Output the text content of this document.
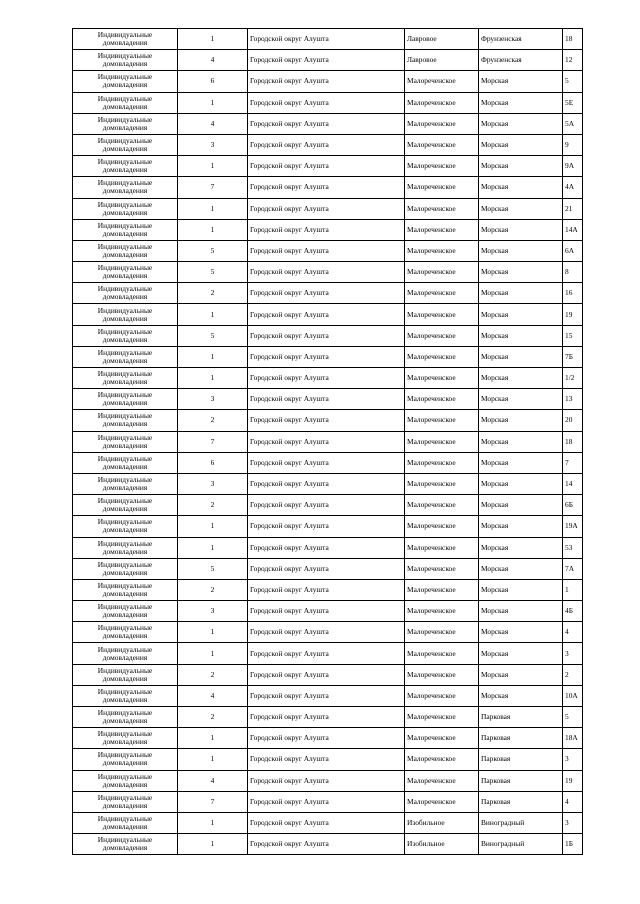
Индивидуальные домовладения	1	Городской округ Алушта	Лавровое	Фрунзенская	18
Индивидуальные домовладения	4	Городской округ Алушта	Лавровое	Фрунзенская	12
Индивидуальные домовладения	6	Городской округ Алушта	Малореченское	Морская	5
Индивидуальные домовладения	1	Городской округ Алушта	Малореченское	Морская	5Е
Индивидуальные домовладения	4	Городской округ Алушта	Малореченское	Морская	5А
Индивидуальные домовладения	3	Городской округ Алушта	Малореченское	Морская	9
Индивидуальные домовладения	1	Городской округ Алушта	Малореченское	Морская	9А
Индивидуальные домовладения	7	Городской округ Алушта	Малореченское	Морская	4А
Индивидуальные домовладения	1	Городской округ Алушта	Малореченское	Морская	21
Индивидуальные домовладения	1	Городской округ Алушта	Малореченское	Морская	14А
Индивидуальные домовладения	5	Городской округ Алушта	Малореченское	Морская	6А
Индивидуальные домовладения	5	Городской округ Алушта	Малореченское	Морская	8
Индивидуальные домовладения	2	Городской округ Алушта	Малореченское	Морская	16
Индивидуальные домовладения	1	Городской округ Алушта	Малореченское	Морская	19
Индивидуальные домовладения	5	Городской округ Алушта	Малореченское	Морская	15
Индивидуальные домовладения	1	Городской округ Алушта	Малореченское	Морская	7Б
Индивидуальные домовладения	1	Городской округ Алушта	Малореченское	Морская	1/2
Индивидуальные домовладения	3	Городской округ Алушта	Малореченское	Морская	13
Индивидуальные домовладения	2	Городской округ Алушта	Малореченское	Морская	20
Индивидуальные домовладения	7	Городской округ Алушта	Малореченское	Морская	18
Индивидуальные домовладения	6	Городской округ Алушта	Малореченское	Морская	7
Индивидуальные домовладения	3	Городской округ Алушта	Малореченское	Морская	14
Индивидуальные домовладения	2	Городской округ Алушта	Малореченское	Морская	6Б
Индивидуальные домовладения	1	Городской округ Алушта	Малореченское	Морская	19А
Индивидуальные домовладения	1	Городской округ Алушта	Малореченское	Морская	53
Индивидуальные домовладения	5	Городской округ Алушта	Малореченское	Морская	7А
Индивидуальные домовладения	2	Городской округ Алушта	Малореченское	Морская	1
Индивидуальные домовладения	3	Городской округ Алушта	Малореченское	Морская	4Б
Индивидуальные домовладения	1	Городской округ Алушта	Малореченское	Морская	4
Индивидуальные домовладения	1	Городской округ Алушта	Малореченское	Морская	3
Индивидуальные домовладения	2	Городской округ Алушта	Малореченское	Морская	2
Индивидуальные домовладения	4	Городской округ Алушта	Малореченское	Морская	10А
Индивидуальные домовладения	2	Городской округ Алушта	Малореченское	Парковая	5
Индивидуальные домовладения	1	Городской округ Алушта	Малореченское	Парковая	18А
Индивидуальные домовладения	1	Городской округ Алушта	Малореченское	Парковая	3
Индивидуальные домовладения	4	Городской округ Алушта	Малореченское	Парковая	19
Индивидуальные домовладения	7	Городской округ Алушта	Малореченское	Парковая	4
Индивидуальные домовладения	1	Городской округ Алушта	Изобильное	Виноградный	3
Индивидуальные домовладения	1	Городской округ Алушта	Изобильное	Виноградный	1Б
